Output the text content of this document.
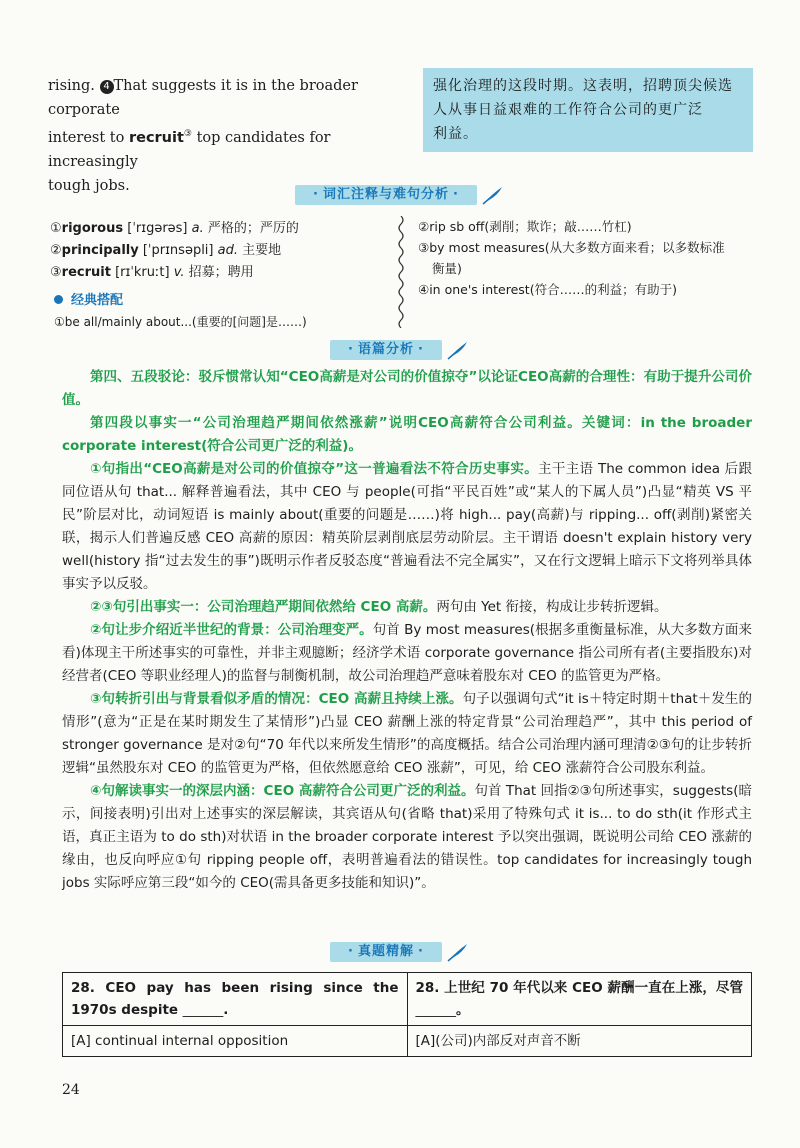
rising. 4 That suggests it is in the broader corporate
interest to recruit③ top candidates for increasingly
tough jobs.
强化治理的这段时期。这表明，招聘顶尖候选
人从事日益艰难的工作符合公司的更广泛
利益。
· 词汇注释与难句分析 ·
①rigorous [ˈrɪgərəs] a. 严格的；严厉的
②principally [ˈprɪnsəpli] ad. 主要地
③recruit [rɪˈkruːt] v. 招募；聘用
②rip sb off(剥削；欺诈；敲……竹杠)
③by most measures(从大多数方面来看；以多数标准
衡量)
④in one's interest(符合……的利益；有助于)
经典搭配
①be all/mainly about...(重要的[问题]是……)
· 语篇分析 ·

第四、五段驳论：驳斥惯常认知“CEO高薪是对公司的价值掠夺”以论证CEO高薪的合理性：有助于提升公司价值。

第四段以事实一“公司治理趋严期间依然涨薪”说明CEO高薪符合公司利益。关键词：in the broader corporate interest(符合公司更广泛的利益)。

①句指出“CEO高薪是对公司的价值掠夺”这一普遍看法不符合历史事实。主干主语 The common idea 后跟同位语从句 that... 解释普遍看法，其中 CEO 与 people(可指“平民百姓”或“某人的下属人员”)凸显“精英 VS 平民”阶层对比，动词短语 is mainly about(重要的问题是……)将 high... pay(高薪)与 ripping... off(剥削)紧密关联，揭示人们普遍反感 CEO 高薪的原因：精英阶层剥削底层劳动阶层。主干谓语 doesn't explain history very well(history 指“过去发生的事”)既明示作者反驳态度“普遍看法不完全属实”，又在行文逻辑上暗示下文将列举具体事实予以反驳。

②③句引出事实一：公司治理趋严期间依然给 CEO 高薪。两句由 Yet 衔接，构成让步转折逻辑。

②句让步介绍近半世纪的背景：公司治理变严。句首 By most measures(根据多重衡量标准，从大多数方面来看)体现主干所述事实的可靠性，并非主观臆断；经济学术语 corporate governance 指公司所有者(主要指股东)对经营者(CEO 等职业经理人)的监督与制衡机制，故公司治理趋严意味着股东对 CEO 的监管更为严格。

③句转折引出与背景看似矛盾的情况：CEO 高薪且持续上涨。句子以强调句式“it is＋特定时期＋that＋发生的情形”(意为“正是在某时期发生了某情形”)凸显 CEO 薪酬上涨的特定背景“公司治理趋严”，其中 this period of stronger governance 是对②句“70 年代以来所发生情形”的高度概括。结合公司治理内涵可理清②③句的让步转折逻辑“虽然股东对 CEO 的监管更为严格，但依然愿意给 CEO 涨薪”，可见，给 CEO 涨薪符合公司股东利益。

④句解读事实一的深层内涵：CEO 高薪符合公司更广泛的利益。句首 That 回指②③句所述事实，suggests(暗示，间接表明)引出对上述事实的深层解读，其宾语从句(省略 that)采用了特殊句式 it is... to do sth(it 作形式主语，真正主语为 to do sth)对状语 in the broader corporate interest 予以突出强调，既说明公司给 CEO 涨薪的缘由，也反向呼应①句 ripping people off，表明普遍看法的错误性。top candidates for increasingly tough jobs 实际呼应第三段“如今的 CEO(需具备更多技能和知识)”。

· 真题精解 ·
28. CEO pay has been rising since the 1970s despite ______.	28. 上世纪 70 年代以来 CEO 薪酬一直在上涨，尽管______。
[A] continual internal opposition	[A](公司)内部反对声音不断
24
